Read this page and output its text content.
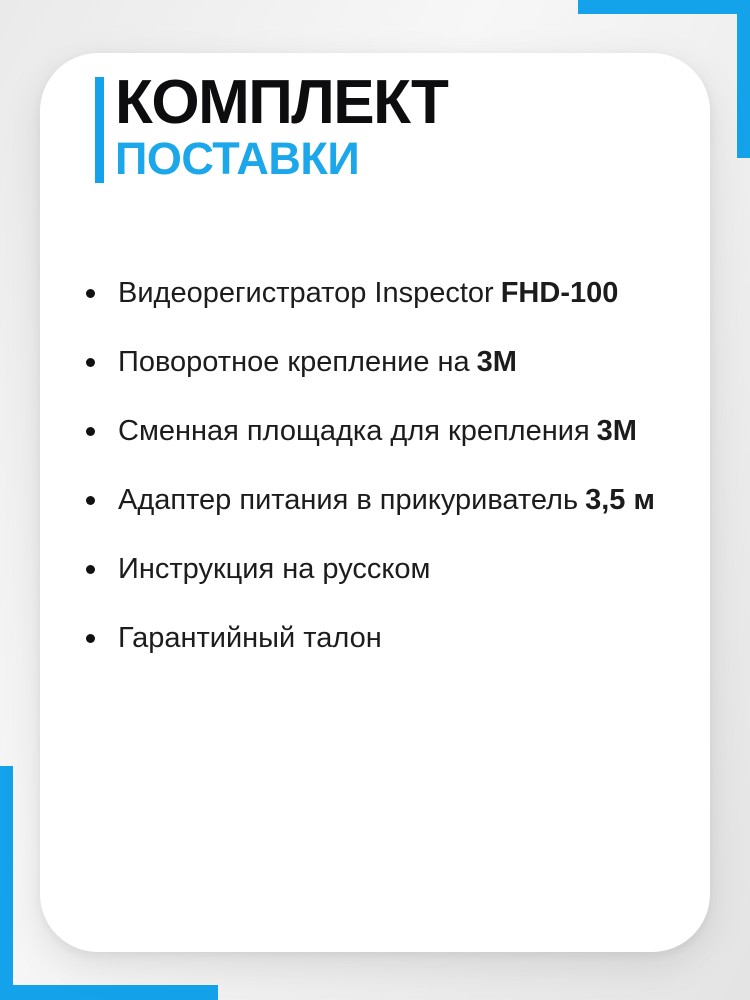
КОМПЛЕКТ
ПОСТАВКИ
Видеорегистратор Inspector FHD-100
Поворотное крепление на 3М
Сменная площадка для крепления 3М
Адаптер питания в прикуриватель 3,5 м
Инструкция на русском
Гарантийный талон
